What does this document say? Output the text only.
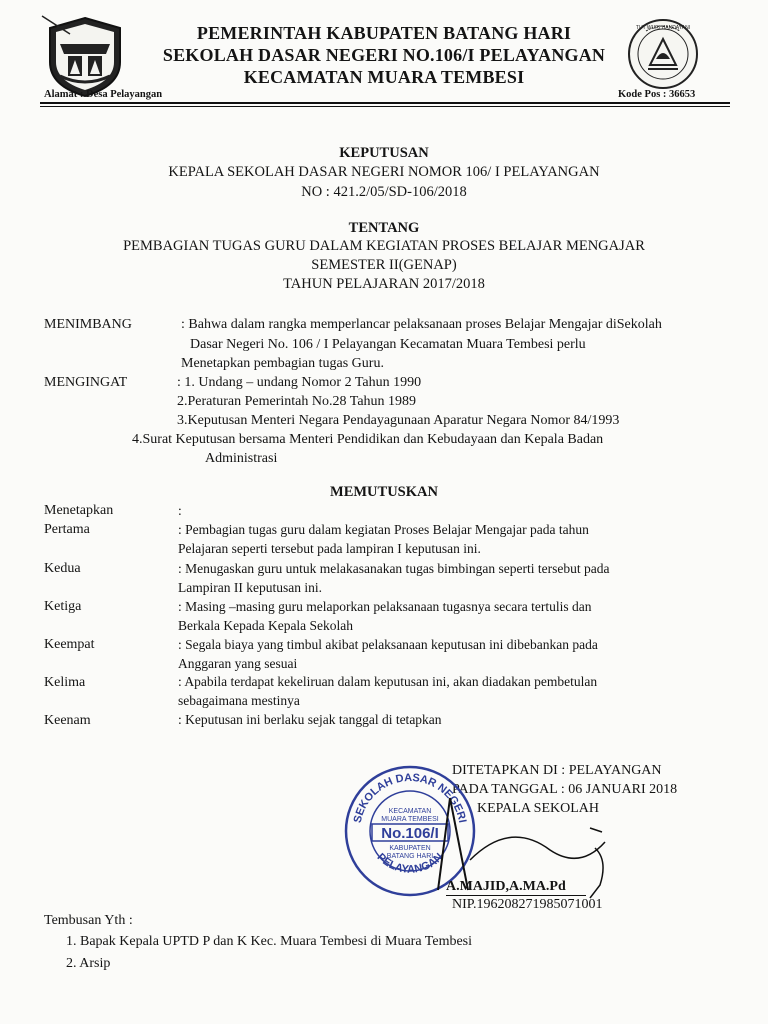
TUT WURI HANDAYANI
PEMERINTAH KABUPATEN BATANG HARI
SEKOLAH DASAR NEGERI NO.106/I PELAYANGAN
KECAMATAN MUARA TEMBESI
Alamat : Desa Pelayangan	Kode Pos : 36653
KEPUTUSAN
KEPALA SEKOLAH DASAR NEGERI NOMOR 106/ I PELAYANGAN
NO : 421.2/05/SD-106/2018
TENTANG
PEMBAGIAN TUGAS GURU DALAM KEGIATAN PROSES BELAJAR MENGAJAR
SEMESTER II(GENAP)
TAHUN PELAJARAN 2017/2018
MENIMBANG	: Bahwa dalam rangka memperlancar pelaksanaan proses Belajar Mengajar diSekolah
Dasar Negeri No. 106 / I Pelayangan Kecamatan Muara Tembesi perlu
Menetapkan pembagian tugas Guru.
MENGINGAT	: 1. Undang – undang Nomor 2 Tahun 1990
2.Peraturan Pemerintah No.28 Tahun 1989
3.Keputusan Menteri Negara Pendayagunaan Aparatur Negara Nomor 84/1993
4.Surat Keputusan bersama Menteri Pendidikan dan Kebudayaan dan Kepala Badan
Administrasi
MEMUTUSKAN
Menetapkan	:
Pertama	: Pembagian tugas guru dalam kegiatan Proses Belajar Mengajar pada tahun
Pelajaran seperti tersebut pada lampiran I keputusan ini.
Kedua	: Menugaskan guru untuk melakasanakan tugas bimbingan seperti tersebut pada
Lampiran II keputusan ini.
Ketiga	: Masing –masing guru melaporkan pelaksanaan tugasnya secara tertulis dan
Berkala Kepada Kepala Sekolah
Keempat	: Segala biaya yang timbul akibat pelaksanaan keputusan ini dibebankan pada
Anggaran yang sesuai
Kelima	: Apabila terdapat kekeliruan dalam keputusan ini, akan diadakan pembetulan
sebagaimana mestinya
Keenam	: Keputusan ini berlaku sejak tanggal di tetapkan
DITETAPKAN DI : PELAYANGAN
PADA TANGGAL : 06 JANUARI 2018
KEPALA SEKOLAH
SEKOLAH DASAR NEGERI
PELAYANGAN
KECAMATAN
MUARA TEMBESI
No.106/I
KABUPATEN
BATANG HARI
A.MAJID,A.MA.Pd
NIP.196208271985071001
Tembusan Yth :
1. Bapak Kepala UPTD P dan K Kec. Muara Tembesi di Muara Tembesi
2. Arsip
